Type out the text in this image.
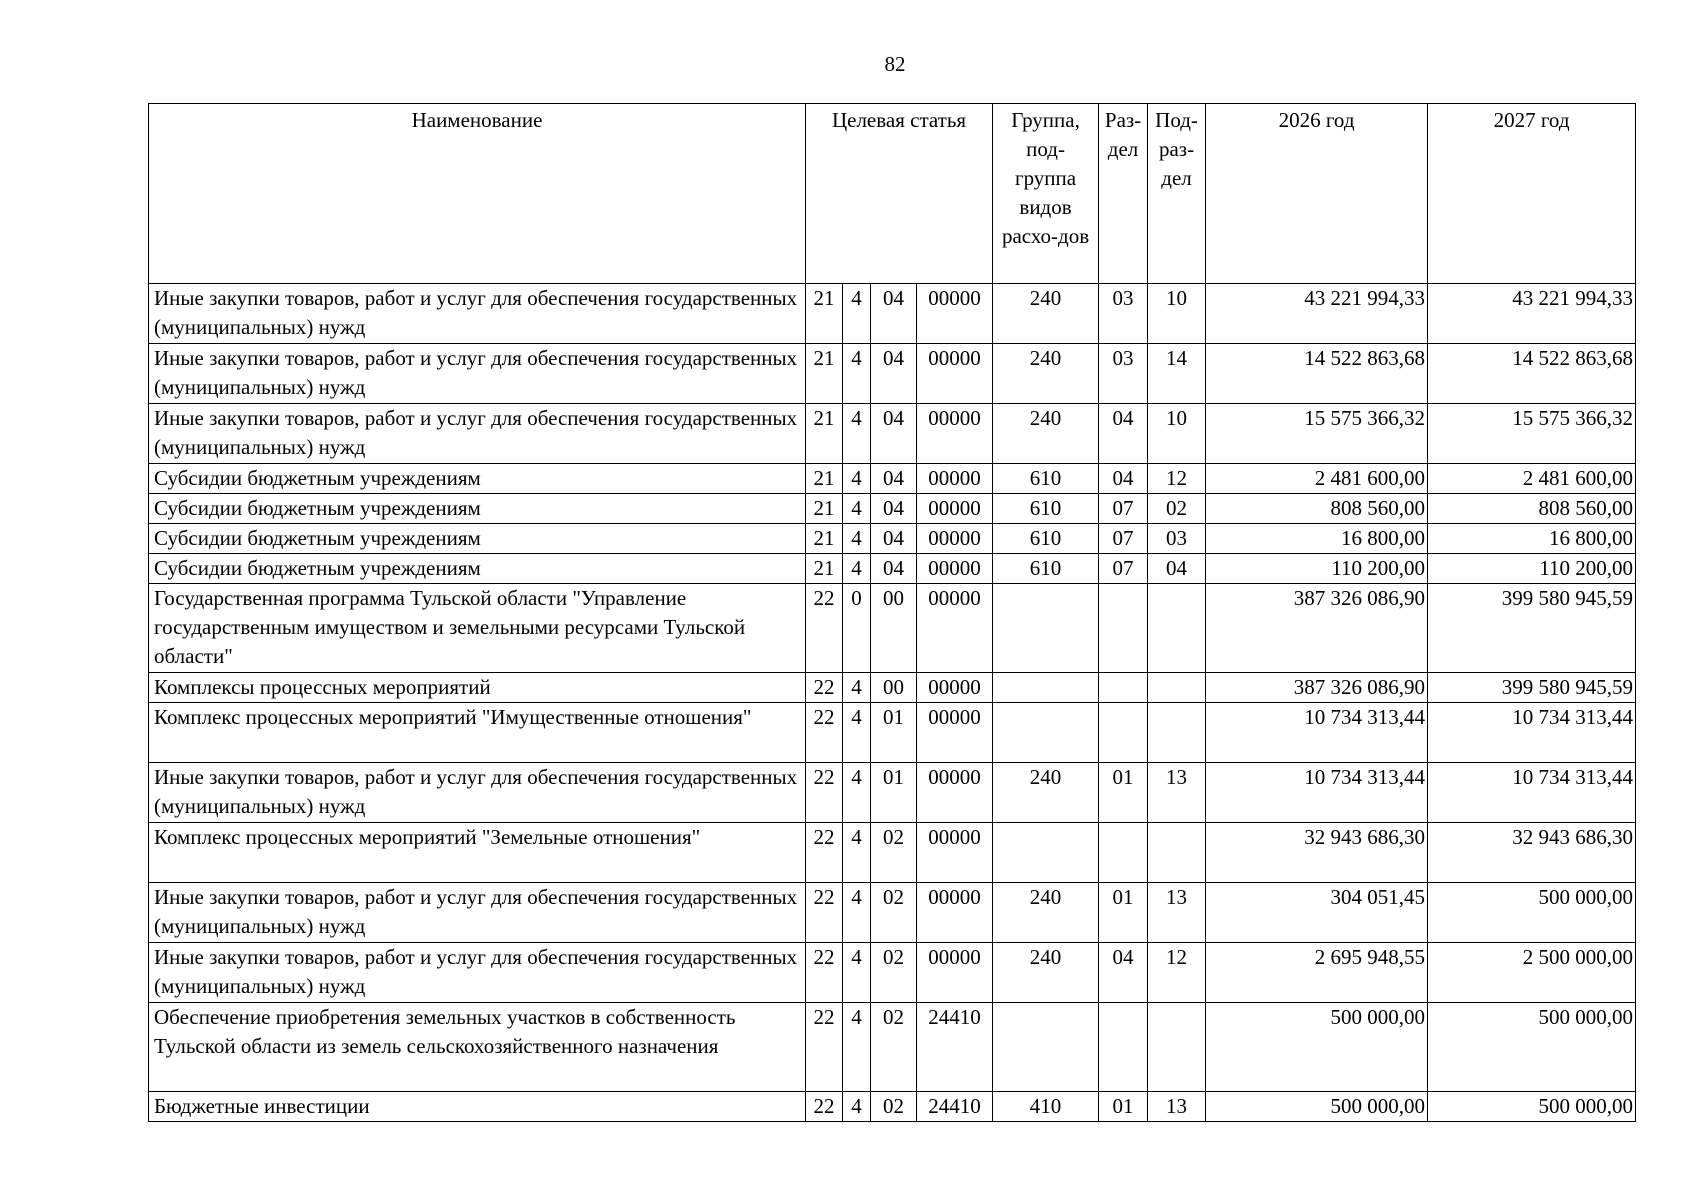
82
Наименование	Целевая статья				Группа, под-группа видов расхо-дов	Раз-дел	Под-раз-дел	2026 год	2027 год
Иные закупки товаров, работ и услуг для обеспечения государственных (муниципальных) нужд	21	4	04	00000	240	03	10	43 221 994,33	43 221 994,33
Иные закупки товаров, работ и услуг для обеспечения государственных (муниципальных) нужд	21	4	04	00000	240	03	14	14 522 863,68	14 522 863,68
Иные закупки товаров, работ и услуг для обеспечения государственных (муниципальных) нужд	21	4	04	00000	240	04	10	15 575 366,32	15 575 366,32
Субсидии бюджетным учреждениям	21	4	04	00000	610	04	12	2 481 600,00	2 481 600,00
Субсидии бюджетным учреждениям	21	4	04	00000	610	07	02	808 560,00	808 560,00
Субсидии бюджетным учреждениям	21	4	04	00000	610	07	03	16 800,00	16 800,00
Субсидии бюджетным учреждениям	21	4	04	00000	610	07	04	110 200,00	110 200,00
Государственная программа Тульской области "Управление государственным имуществом и земельными ресурсами Тульской области"	22	0	00	00000				387 326 086,90	399 580 945,59
Комплексы процессных мероприятий	22	4	00	00000				387 326 086,90	399 580 945,59
Комплекс процессных мероприятий "Имущественные отношения"	22	4	01	00000				10 734 313,44	10 734 313,44
Иные закупки товаров, работ и услуг для обеспечения государственных (муниципальных) нужд	22	4	01	00000	240	01	13	10 734 313,44	10 734 313,44
Комплекс процессных мероприятий "Земельные отношения"	22	4	02	00000				32 943 686,30	32 943 686,30
Иные закупки товаров, работ и услуг для обеспечения государственных (муниципальных) нужд	22	4	02	00000	240	01	13	304 051,45	500 000,00
Иные закупки товаров, работ и услуг для обеспечения государственных (муниципальных) нужд	22	4	02	00000	240	04	12	2 695 948,55	2 500 000,00
Обеспечение приобретения земельных участков в собственность Тульской области из земель сельскохозяйственного назначения	22	4	02	24410				500 000,00	500 000,00
Бюджетные инвестиции	22	4	02	24410	410	01	13	500 000,00	500 000,00
